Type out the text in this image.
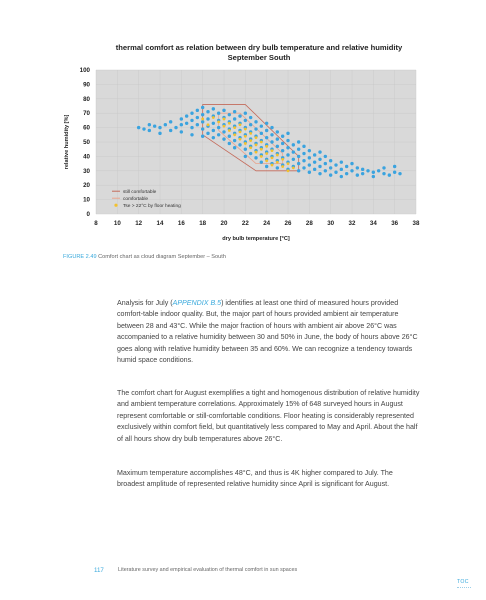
thermal comfort as relation between dry bulb temperature and relative humidity
September South
0
10
20
30
40
50
60
70
80
90
100
8	10 12 14 16 18 20 22 24 26 28 30 32 34 36 38
dry bulb temperature [°C]
relative humidity [%]
still comfortable
comfortable
Tse > 22°C by floor heating
FIGURE 2.49 Comfort chart as cloud diagram September – South
Analysis for July (APPENDIX B.5) identifies at least one third of measured hours provided comfort-table indoor quality. But, the major part of hours provided ambient air temperature between 28 and 43°C. While the major fraction of hours with ambient air above 26°C was accompanied to a relative humidity between 30 and 50% in June, the body of hours above 26°C goes along with relative humidity between 35 and 60%. We can recognize a tendency towards humid space conditions.
The comfort chart for August exemplifies a tight and homogenous distribution of relative humidity and ambient temperature correlations. Approximately 15% of 648 surveyed hours in August represent comfortable or still-comfortable conditions. Floor heating is considerably represented exclusively within comfort field, but quantitatively less compared to May and April. About the half of all hours show dry bulb temperatures above 26°C.
Maximum temperature accomplishes 48°C, and thus is 4K higher compared to July. The broadest amplitude of represented relative humidity since April is significant for August.
117	Literature survey and empirical evaluation of thermal comfort in sun spaces
TOC
